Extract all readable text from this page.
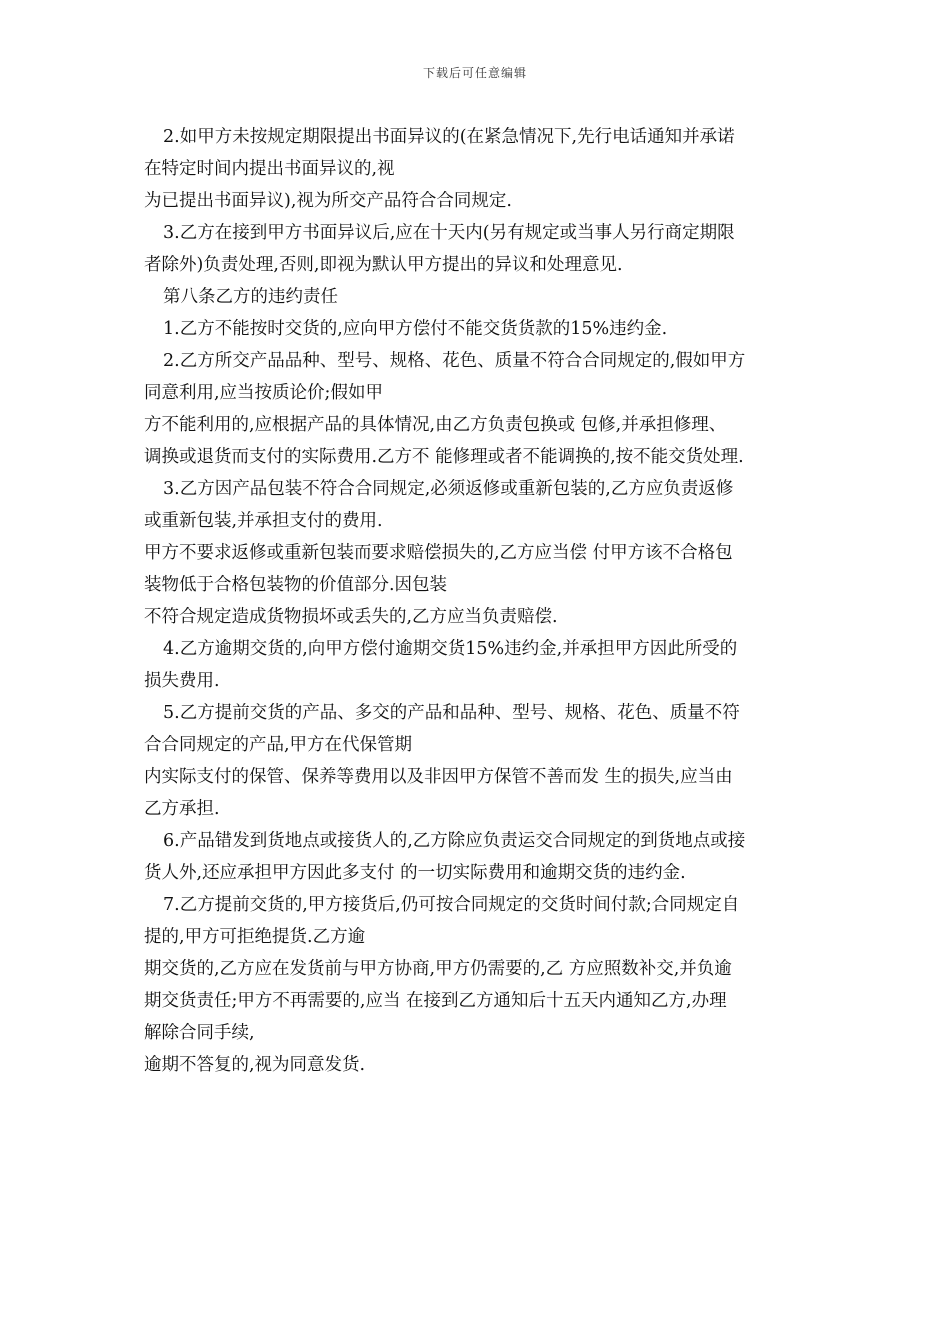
下载后可任意编辑
2.如甲方未按规定期限提出书面异议的(在紧急情况下,先行电话通知并承诺
在特定时间内提出书面异议的,视
为已提出书面异议),视为所交产品符合合同规定.
3.乙方在接到甲方书面异议后,应在十天内(另有规定或当事人另行商定期限
者除外)负责处理,否则,即视为默认甲方提出的异议和处理意见.
第八条乙方的违约责任
1.乙方不能按时交货的,应向甲方偿付不能交货货款的15%违约金.
2.乙方所交产品品种、型号、规格、花色、质量不符合合同规定的,假如甲方
同意利用,应当按质论价;假如甲
方不能利用的,应根据产品的具体情况,由乙方负责包换或 包修,并承担修理、
调换或退货而支付的实际费用.乙方不 能修理或者不能调换的,按不能交货处理.
3.乙方因产品包装不符合合同规定,必须返修或重新包装的,乙方应负责返修
或重新包装,并承担支付的费用.
甲方不要求返修或重新包装而要求赔偿损失的,乙方应当偿 付甲方该不合格包
装物低于合格包装物的价值部分.因包装
不符合规定造成货物损坏或丢失的,乙方应当负责赔偿.
4.乙方逾期交货的,向甲方偿付逾期交货15%违约金,并承担甲方因此所受的
损失费用.
5.乙方提前交货的产品、多交的产品和品种、型号、规格、花色、质量不符
合合同规定的产品,甲方在代保管期
内实际支付的保管、保养等费用以及非因甲方保管不善而发 生的损失,应当由
乙方承担.
6.产品错发到货地点或接货人的,乙方除应负责运交合同规定的到货地点或接
货人外,还应承担甲方因此多支付 的一切实际费用和逾期交货的违约金.
7.乙方提前交货的,甲方接货后,仍可按合同规定的交货时间付款;合同规定自
提的,甲方可拒绝提货.乙方逾
期交货的,乙方应在发货前与甲方协商,甲方仍需要的,乙 方应照数补交,并负逾
期交货责任;甲方不再需要的,应当 在接到乙方通知后十五天内通知乙方,办理
解除合同手续,
逾期不答复的,视为同意发货.
